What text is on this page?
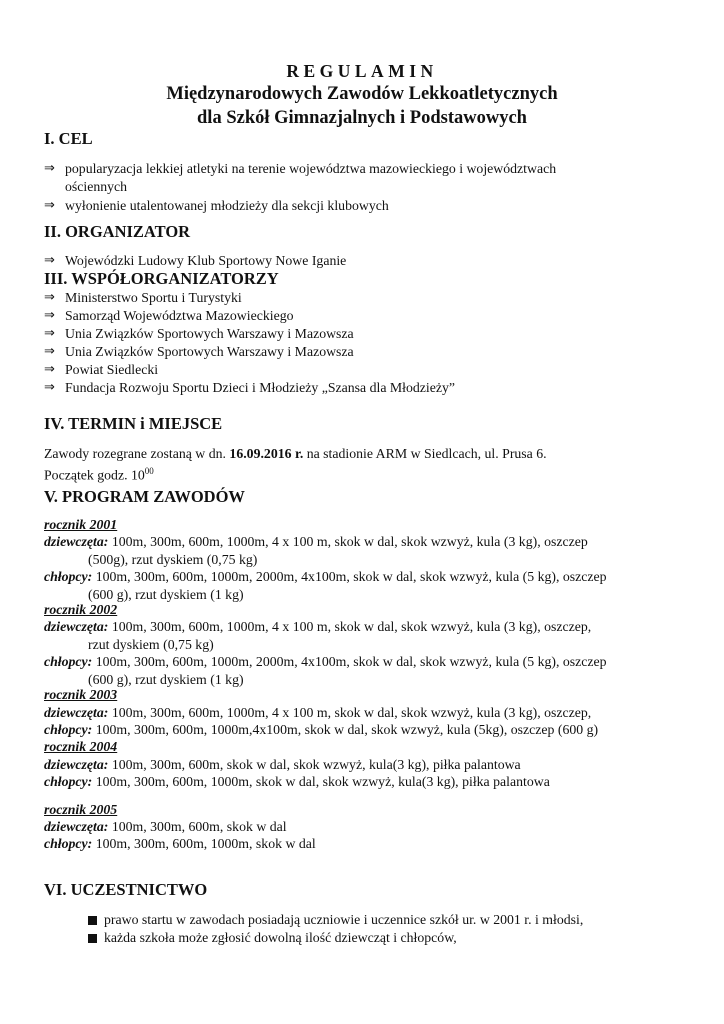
REGULAMIN
Międzynarodowych Zawodów Lekkoatletycznych
dla Szkół Gimnazjalnych i Podstawowych
I. CEL
⇒ popularyzacja lekkiej atletyki na terenie województwa mazowieckiego i województwach
ościennych
⇒ wyłonienie utalentowanej młodzieży dla sekcji klubowych
II. ORGANIZATOR
⇒ Wojewódzki Ludowy Klub Sportowy Nowe Iganie
III. WSPÓŁORGANIZATORZY
⇒ Ministerstwo Sportu i Turystyki
⇒ Samorząd Województwa Mazowieckiego
⇒ Unia Związków Sportowych Warszawy i Mazowsza
⇒ Unia Związków Sportowych Warszawy i Mazowsza
⇒ Powiat Siedlecki
⇒ Fundacja Rozwoju Sportu Dzieci i Młodzieży „Szansa dla Młodzieży”
IV. TERMIN i MIEJSCE
Zawody rozegrane zostaną w dn. 16.09.2016 r. na stadionie ARM w Siedlcach, ul. Prusa 6.
Początek godz. $10^{00}$
V. PROGRAM ZAWODÓW
rocznik 2001
dziewczęta: 100m, 300m, 600m, 1000m, 4 x 100 m, skok w dal, skok wzwyż, kula (3 kg), oszczep
(500g), rzut dyskiem (0,75 kg)
chłopcy: 100m, 300m, 600m, 1000m, 2000m, 4x100m, skok w dal, skok wzwyż, kula (5 kg), oszczep
(600 g), rzut dyskiem (1 kg)
rocznik 2002
dziewczęta: 100m, 300m, 600m, 1000m, 4 x 100 m, skok w dal, skok wzwyż, kula (3 kg), oszczep,
rzut dyskiem (0,75 kg)
chłopcy: 100m, 300m, 600m, 1000m, 2000m, 4x100m, skok w dal, skok wzwyż, kula (5 kg), oszczep
(600 g), rzut dyskiem (1 kg)
rocznik 2003
dziewczęta: 100m, 300m, 600m, 1000m, 4 x 100 m, skok w dal, skok wzwyż, kula (3 kg), oszczep,
chłopcy: 100m, 300m, 600m, 1000m,4x100m, skok w dal, skok wzwyż, kula (5kg), oszczep (600 g)
rocznik 2004
dziewczęta: 100m, 300m, 600m, skok w dal, skok wzwyż, kula(3 kg), piłka palantowa
chłopcy: 100m, 300m, 600m, 1000m, skok w dal, skok wzwyż, kula(3 kg), piłka palantowa
rocznik 2005
dziewczęta: 100m, 300m, 600m, skok w dal
chłopcy: 100m, 300m, 600m, 1000m, skok w dal
VI. UCZESTNICTWO
prawo startu w zawodach posiadają uczniowie i uczennice szkół ur. w 2001 r. i młodsi,
każda szkoła może zgłosić dowolną ilość dziewcząt i chłopców,
